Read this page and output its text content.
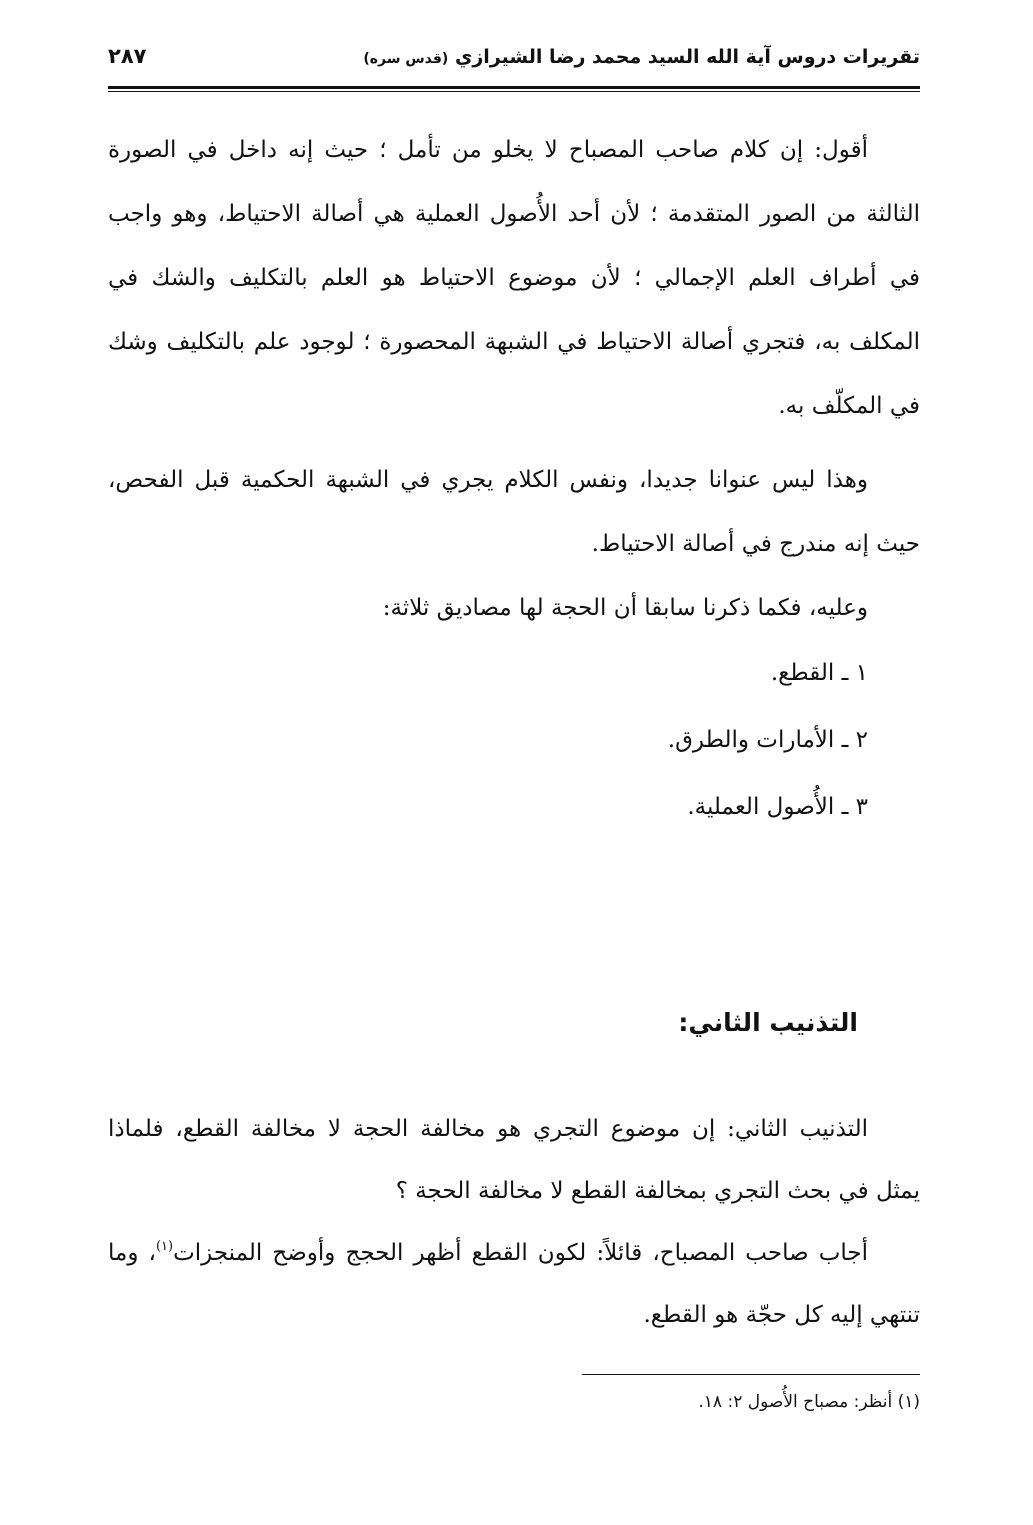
تقريرات دروس آية الله السيد محمد رضا الشيرازي (قدس سره)
٢٨٧

أقول: إن كلام صاحب المصباح لا يخلو من تأمل ؛ حيث إنه داخل في الصورة الثالثة من الصور المتقدمة ؛ لأن أحد الأُصول العملية هي أصالة الاحتياط، وهو واجب في أطراف العلم الإجمالي ؛ لأن موضوع الاحتياط هو العلم بالتكليف والشك في المكلف به، فتجري أصالة الاحتياط في الشبهة المحصورة ؛ لوجود علم بالتكليف وشك في المكلّف به.

وهذا ليس عنوانا جديدا، ونفس الكلام يجري في الشبهة الحكمية قبل الفحص، حيث إنه مندرج في أصالة الاحتياط.

وعليه، فكما ذكرنا سابقا أن الحجة لها مصاديق ثلاثة:

١ ـ القطع.
٢ ـ الأمارات والطرق.
٣ ـ الأُصول العملية.
التذنيب الثاني:

التذنيب الثاني: إن موضوع التجري هو مخالفة الحجة لا مخالفة القطع، فلماذا يمثل في بحث التجري بمخالفة القطع لا مخالفة الحجة ؟

أجاب صاحب المصباح، قائلاً: لكون القطع أظهر الحجج وأوضح المنجزات$^{(١)}$، وما تنتهي إليه كل حجّة هو القطع.

(١) أنظر: مصباح الأُصول ٢: ١٨.
